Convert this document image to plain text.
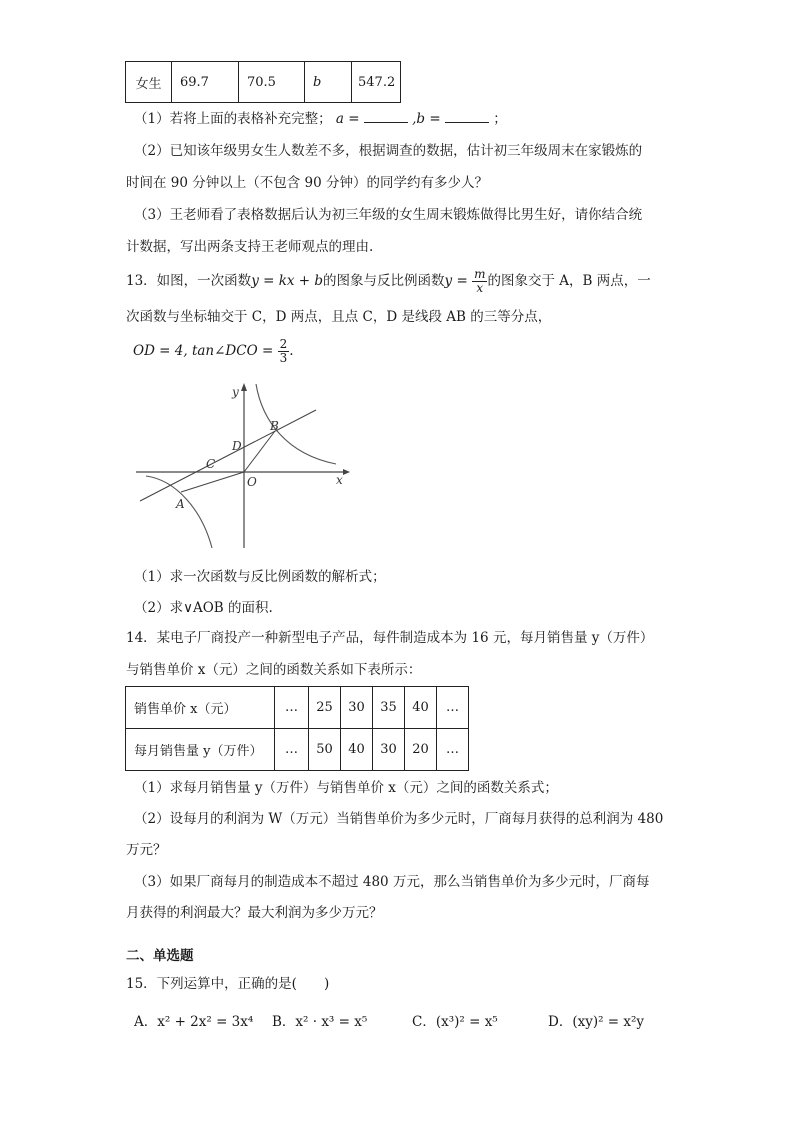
女生	69.7	70.5	b	547.2
（1）若将上面的表格补充完整； a =	,b =	；
（2）已知该年级男女生人数差不多，根据调查的数据，估计初三年级周末在家锻炼的
时间在 90 分钟以上（不包含 90 分钟）的同学约有多少人？
（3）王老师看了表格数据后认为初三年级的女生周末锻炼做得比男生好，请你结合统
计数据，写出两条支持王老师观点的理由.
13．如图，一次函数y = kx + b的图象与反比例函数$y = \frac{m}{x}$ 的图象交于 A，B 两点，一
次函数与坐标轴交于 C，D 两点，且点 C，D 是线段 AB 的三等分点，
OD = 4, tan∠DCO = $\frac{2}{3}$ .
y
x
O
A
B
C
D
（1）求一次函数与反比例函数的解析式；
（2）求∨AOB 的面积.
14．某电子厂商投产一种新型电子产品，每件制造成本为 16 元，每月销售量 y（万件）
与销售单价 x（元）之间的函数关系如下表所示：
销售单价 x（元）	…	25	30	35	40	…
每月销售量 y（万件）	…	50	40	30	20	…
（1）求每月销售量 y（万件）与销售单价 x（元）之间的函数关系式；
（2）设每月的利润为 W（万元）当销售单价为多少元时，厂商每月获得的总利润为 480
万元？
（3）如果厂商每月的制造成本不超过 480 万元，那么当销售单价为多少元时，厂商每
月获得的利润最大？最大利润为多少万元？
二、单选题
15．下列运算中，正确的是(　　)
A．x² + 2x² = 3x⁴ B．x² · x³ = x⁵	C．(x³)² = x⁵	D．(xy)² = x²y
